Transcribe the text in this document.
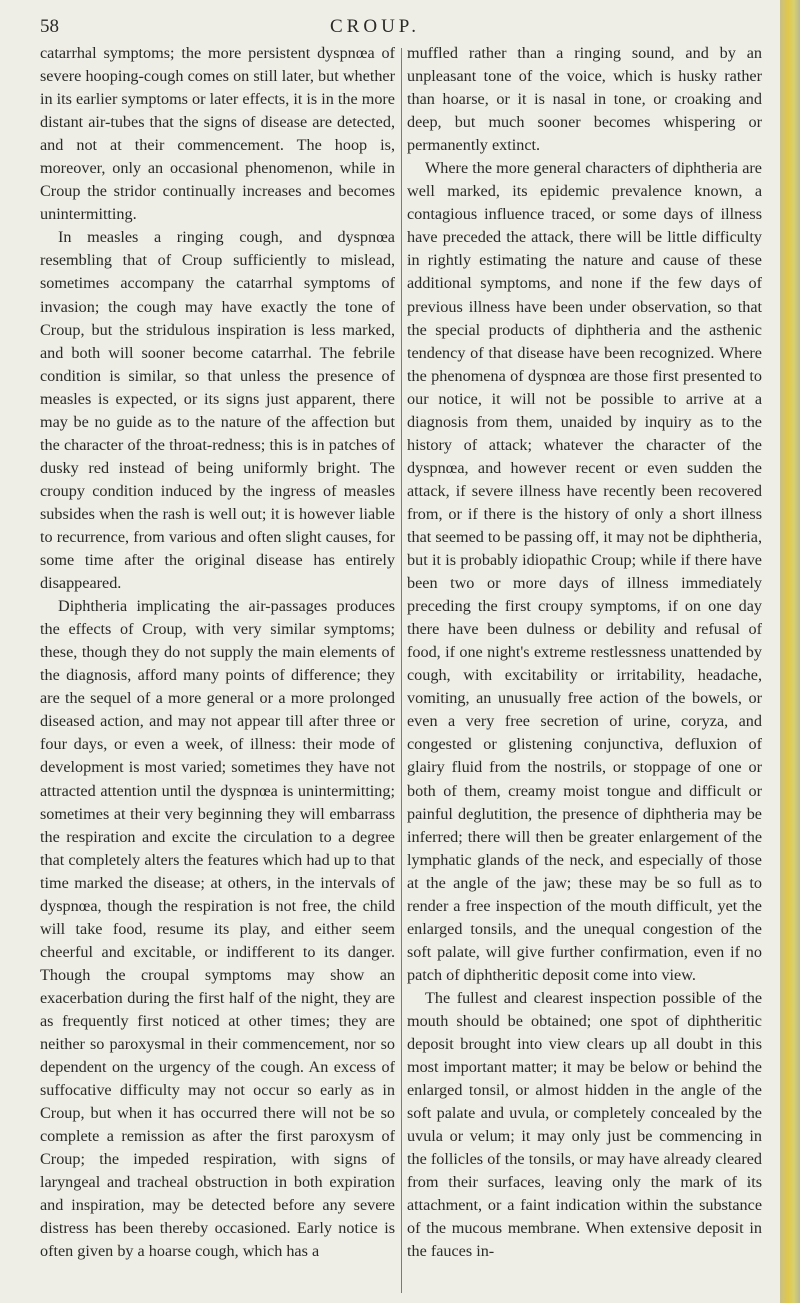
58	CROUP.

catarrhal symptoms; the more persistent dyspnœa of severe hooping-cough comes on still later, but whether in its earlier symptoms or later effects, it is in the more distant air-tubes that the signs of disease are detected, and not at their commencement. The hoop is, moreover, only an occasional phenomenon, while in Croup the stridor continually increases and becomes unintermitting.

In measles a ringing cough, and dyspnœa resembling that of Croup sufficiently to mislead, sometimes accompany the catarrhal symptoms of invasion; the cough may have exactly the tone of Croup, but the stridulous inspiration is less marked, and both will sooner become catarrhal. The febrile condition is similar, so that unless the presence of measles is expected, or its signs just apparent, there may be no guide as to the nature of the affection but the character of the throat-redness; this is in patches of dusky red instead of being uniformly bright. The croupy condition induced by the ingress of measles subsides when the rash is well out; it is however liable to recurrence, from various and often slight causes, for some time after the original disease has entirely disappeared.

Diphtheria implicating the air-passages produces the effects of Croup, with very similar symptoms; these, though they do not supply the main elements of the diagnosis, afford many points of difference; they are the sequel of a more general or a more prolonged diseased action, and may not appear till after three or four days, or even a week, of illness: their mode of development is most varied; sometimes they have not attracted attention until the dyspnœa is unintermitting; sometimes at their very beginning they will embarrass the respiration and excite the circulation to a degree that completely alters the features which had up to that time marked the disease; at others, in the intervals of dyspnœa, though the respiration is not free, the child will take food, resume its play, and either seem cheerful and excitable, or indifferent to its danger. Though the croupal symptoms may show an exacerbation during the first half of the night, they are as frequently first noticed at other times; they are neither so paroxysmal in their commencement, nor so dependent on the urgency of the cough. An excess of suffocative difficulty may not occur so early as in Croup, but when it has occurred there will not be so complete a remission as after the first paroxysm of Croup; the impeded respiration, with signs of laryngeal and tracheal obstruction in both expiration and inspiration, may be detected before any severe distress has been thereby occasioned. Early notice is often given by a hoarse cough, which has a

muffled rather than a ringing sound, and by an unpleasant tone of the voice, which is husky rather than hoarse, or it is nasal in tone, or croaking and deep, but much sooner becomes whispering or permanently extinct.

Where the more general characters of diphtheria are well marked, its epidemic prevalence known, a contagious influence traced, or some days of illness have preceded the attack, there will be little difficulty in rightly estimating the nature and cause of these additional symptoms, and none if the few days of previous illness have been under observation, so that the special products of diphtheria and the asthenic tendency of that disease have been recognized. Where the phenomena of dyspnœa are those first presented to our notice, it will not be possible to arrive at a diagnosis from them, unaided by inquiry as to the history of attack; whatever the character of the dyspnœa, and however recent or even sudden the attack, if severe illness have recently been recovered from, or if there is the history of only a short illness that seemed to be passing off, it may not be diphtheria, but it is probably idiopathic Croup; while if there have been two or more days of illness immediately preceding the first croupy symptoms, if on one day there have been dulness or debility and refusal of food, if one night's extreme restlessness unattended by cough, with excitability or irritability, headache, vomiting, an unusually free action of the bowels, or even a very free secretion of urine, coryza, and congested or glistening conjunctiva, defluxion of glairy fluid from the nostrils, or stoppage of one or both of them, creamy moist tongue and difficult or painful deglutition, the presence of diphtheria may be inferred; there will then be greater enlargement of the lymphatic glands of the neck, and especially of those at the angle of the jaw; these may be so full as to render a free inspection of the mouth difficult, yet the enlarged tonsils, and the unequal congestion of the soft palate, will give further confirmation, even if no patch of diphtheritic deposit come into view.

The fullest and clearest inspection possible of the mouth should be obtained; one spot of diphtheritic deposit brought into view clears up all doubt in this most important matter; it may be below or behind the enlarged tonsil, or almost hidden in the angle of the soft palate and uvula, or completely concealed by the uvula or velum; it may only just be commencing in the follicles of the tonsils, or may have already cleared from their surfaces, leaving only the mark of its attachment, or a faint indication within the substance of the mucous membrane. When extensive deposit in the fauces in-
